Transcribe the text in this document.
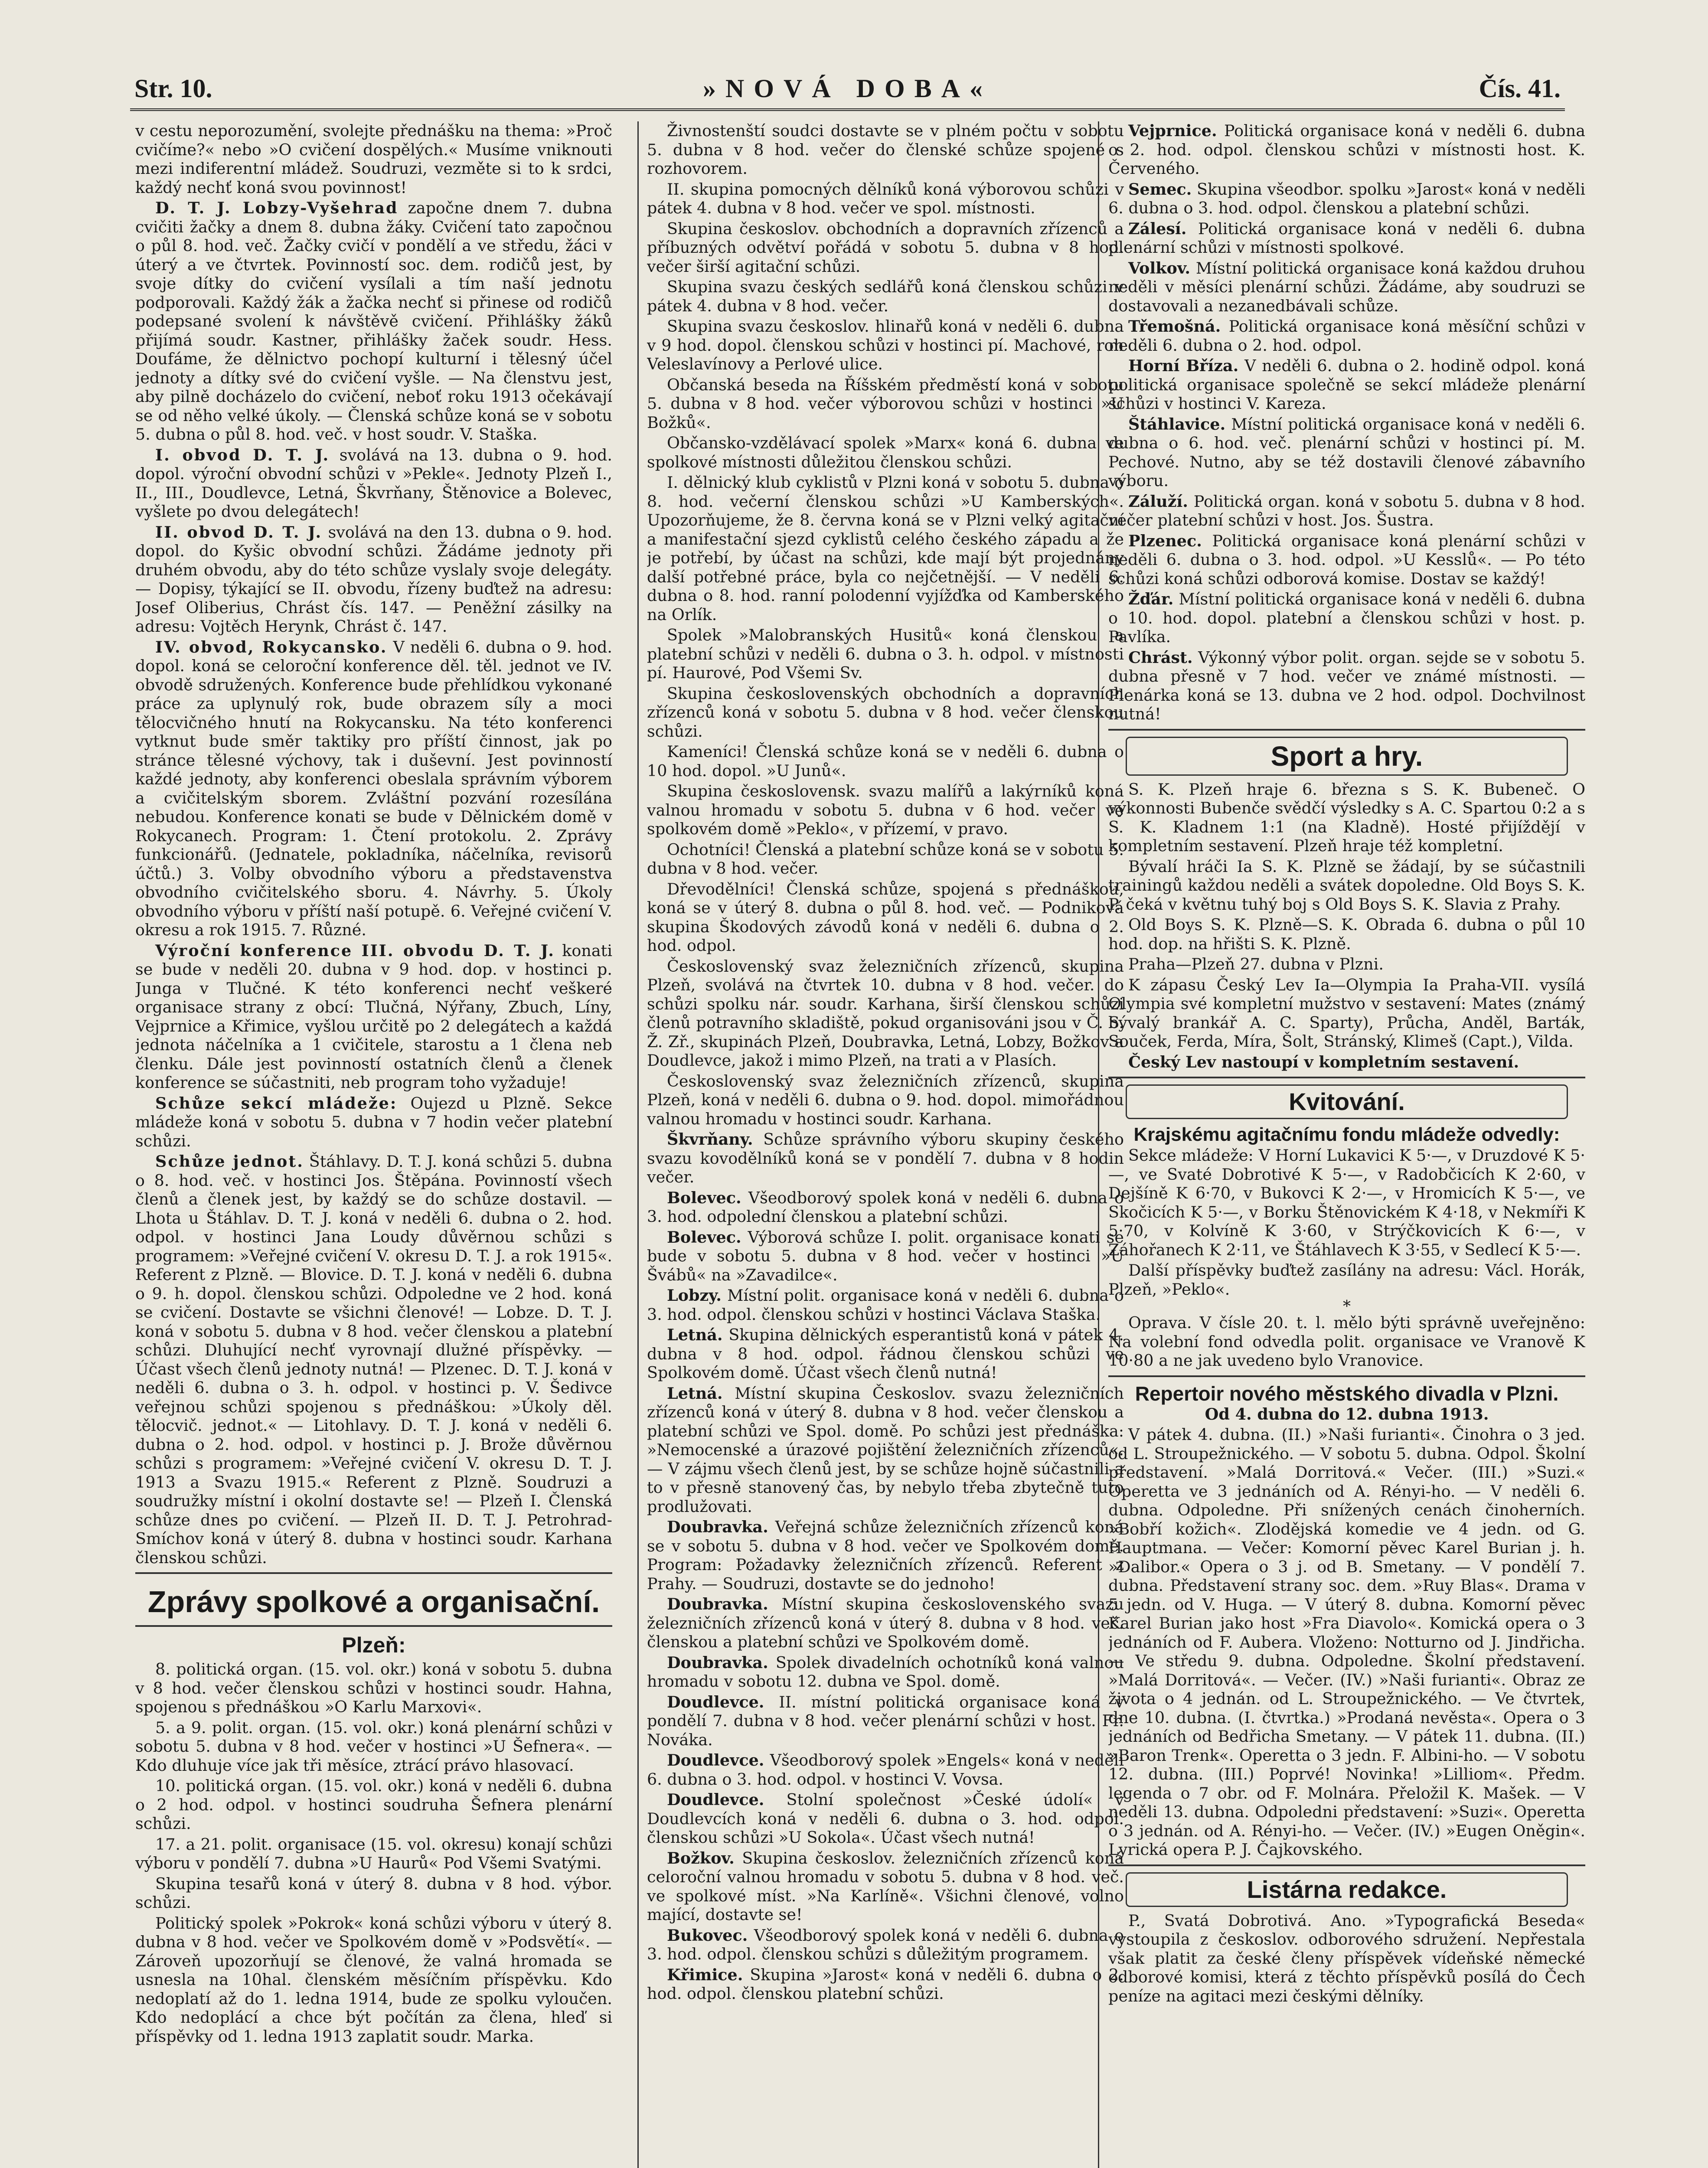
Str. 10.	»NOVÁ DOBA«	Čís. 41.

v cestu neporozumění, svolejte přednášku na thema: »Proč cvičíme?« nebo »O cvičení dospělých.« Musíme vniknouti mezi indiferentní mládež. Soudruzi, vezměte si to k srdci, každý nechť koná svou povinnost!

D. T. J. Lobzy-Vyšehrad započne dnem 7. dubna cvičiti žačky a dnem 8. dubna žáky. Cvičení tato započnou o půl 8. hod. več. Žačky cvičí v pondělí a ve středu, žáci v úterý a ve čtvrtek. Povinností soc. dem. rodičů jest, by svoje dítky do cvičení vysílali a tím naší jednotu podporovali. Každý žák a žačka nechť si přinese od rodičů podepsané svolení k návštěvě cvičení. Přihlášky žáků přijímá soudr. Kastner, přihlášky žaček soudr. Hess. Doufáme, že dělnictvo pochopí kulturní i tělesný účel jednoty a dítky své do cvičení vyšle. — Na členstvu jest, aby pilně docházelo do cvičení, neboť roku 1913 očekávají se od něho velké úkoly. — Členská schůze koná se v sobotu 5. dubna o půl 8. hod. več. v host soudr. V. Staška.

I. obvod D. T. J. svolává na 13. dubna o 9. hod. dopol. výroční obvodní schůzi v »Pekle«. Jednoty Plzeň I., II., III., Doudlevce, Letná, Škvrňany, Štěnovice a Bolevec, vyšlete po dvou delegátech!

II. obvod D. T. J. svolává na den 13. dubna o 9. hod. dopol. do Kyšic obvodní schůzi. Žádáme jednoty při druhém obvodu, aby do této schůze vyslaly svoje delegáty. — Dopisy, týkající se II. obvodu, řízeny buďtež na adresu: Josef Oliberius, Chrást čís. 147. — Peněžní zásilky na adresu: Vojtěch Herynk, Chrást č. 147.

IV. obvod, Rokycansko. V neděli 6. dubna o 9. hod. dopol. koná se celoroční konference děl. těl. jednot ve IV. obvodě sdružených. Konference bude přehlídkou vykonané práce za uplynulý rok, bude obrazem síly a moci tělocvičného hnutí na Rokycansku. Na této konferenci vytknut bude směr taktiky pro příští činnost, jak po stránce tělesné výchovy, tak i duševní. Jest povinností každé jednoty, aby konferenci obeslala správním výborem a cvičitelským sborem. Zvláštní pozvání rozesílána nebudou. Konference konati se bude v Dělnickém domě v Rokycanech. Program: 1. Čtení protokolu. 2. Zprávy funkcionářů. (Jednatele, pokladníka, náčelníka, revisorů účtů.) 3. Volby obvodního výboru a představenstva obvodního cvičitelského sboru. 4. Návrhy. 5. Úkoly obvodního výboru v příští naší potupě. 6. Veřejné cvičení V. okresu a rok 1915. 7. Různé.

Výroční konference III. obvodu D. T. J. konati se bude v neděli 20. dubna v 9 hod. dop. v hostinci p. Junga v Tlučné. K této konferenci nechť veškeré organisace strany z obcí: Tlučná, Nýřany, Zbuch, Líny, Vejprnice a Křimice, vyšlou určitě po 2 delegátech a každá jednota náčelníka a 1 cvičitele, starostu a 1 člena neb členku. Dále jest povinností ostatních členů a členek konference se súčastniti, neb program toho vyžaduje!

Schůze sekcí mládeže: Oujezd u Plzně. Sekce mládeže koná v sobotu 5. dubna v 7 hodin večer platební schůzi.

Schůze jednot. Štáhlavy. D. T. J. koná schůzi 5. dubna o 8. hod. več. v hostinci Jos. Štěpána. Povinností všech členů a členek jest, by každý se do schůze dostavil. — Lhota u Štáhlav. D. T. J. koná v neděli 6. dubna o 2. hod. odpol. v hostinci Jana Loudy důvěrnou schůzi s programem: »Veřejné cvičení V. okresu D. T. J. a rok 1915«. Referent z Plzně. — Blovice. D. T. J. koná v neděli 6. dubna o 9. h. dopol. členskou schůzi. Odpoledne ve 2 hod. koná se cvičení. Dostavte se všichni členové! — Lobze. D. T. J. koná v sobotu 5. dubna v 8 hod. večer členskou a platební schůzi. Dluhující nechť vyrovnají dlužné příspěvky. — Účast všech členů jednoty nutná! — Plzenec. D. T. J. koná v neděli 6. dubna o 3. h. odpol. v hostinci p. V. Šedivce veřejnou schůzi spojenou s přednáškou: »Úkoly děl. tělocvič. jednot.« — Litohlavy. D. T. J. koná v neděli 6. dubna o 2. hod. odpol. v hostinci p. J. Brože důvěrnou schůzi s programem: »Veřejné cvičení V. okresu D. T. J. 1913 a Svazu 1915.« Referent z Plzně. Soudruzi a soudružky místní i okolní dostavte se! — Plzeň I. Členská schůze dnes po cvičení. — Plzeň II. D. T. J. Petrohrad-Smíchov koná v úterý 8. dubna v hostinci soudr. Karhana členskou schůzi.

Zprávy spolkové a organisační.
Plzeň:

8. politická organ. (15. vol. okr.) koná v sobotu 5. dubna v 8 hod. večer členskou schůzi v hostinci soudr. Hahna, spojenou s přednáškou »O Karlu Marxovi«.

5. a 9. polit. organ. (15. vol. okr.) koná plenární schůzi v sobotu 5. dubna v 8 hod. večer v hostinci »U Šefnera«. — Kdo dluhuje více jak tři měsíce, ztrácí právo hlasovací.

10. politická organ. (15. vol. okr.) koná v neděli 6. dubna o 2 hod. odpol. v hostinci soudruha Šefnera plenární schůzi.

17. a 21. polit. organisace (15. vol. okresu) konají schůzi výboru v pondělí 7. dubna »U Haurů« Pod Všemi Svatými.

Skupina tesařů koná v úterý 8. dubna v 8 hod. výbor. schůzi.

Politický spolek »Pokrok« koná schůzi výboru v úterý 8. dubna v 8 hod. večer ve Spolkovém domě v »Podsvětí«. — Zároveň upozorňují se členové, že valná hromada se usnesla na 10hal. členském měsíčním příspěvku. Kdo nedoplatí až do 1. ledna 1914, bude ze spolku vyloučen. Kdo nedoplácí a chce být počítán za člena, hleď si příspěvky od 1. ledna 1913 zaplatit soudr. Marka.

Živnostenští soudci dostavte se v plném počtu v sobotu 5. dubna v 8 hod. večer do členské schůze spojené s rozhovorem.

II. skupina pomocných dělníků koná výborovou schůzi v pátek 4. dubna v 8 hod. večer ve spol. místnosti.

Skupina českoslov. obchodních a dopravních zřízenců a příbuzných odvětví pořádá v sobotu 5. dubna v 8 hod. večer širší agitační schůzi.

Skupina svazu českých sedlářů koná členskou schůzi v pátek 4. dubna v 8 hod. večer.

Skupina svazu českoslov. hlinařů koná v neděli 6. dubna v 9 hod. dopol. členskou schůzi v hostinci pí. Machové, roh Veleslavínovy a Perlové ulice.

Občanská beseda na Říšském předměstí koná v sobotu 5. dubna v 8 hod. večer výborovou schůzi v hostinci »U Božků«.

Občansko-vzdělávací spolek »Marx« koná 6. dubna ve spolkové místnosti důležitou členskou schůzi.

I. dělnický klub cyklistů v Plzni koná v sobotu 5. dubna o 8. hod. večerní členskou schůzi »U Kamberských«. Upozorňujeme, že 8. června koná se v Plzni velký agitační a manifestační sjezd cyklistů celého českého západu a že je potřebí, by účast na schůzi, kde mají být projednány další potřebné práce, byla co nejčetnější. — V neděli 6. dubna o 8. hod. ranní polodenní vyjížďka od Kamberského na Orlík.

Spolek »Malobranských Husitů« koná členskou a platební schůzi v neděli 6. dubna o 3. h. odpol. v místnosti pí. Haurové, Pod Všemi Sv.

Skupina československých obchodních a dopravních zřízenců koná v sobotu 5. dubna v 8 hod. večer členskou schůzi.

Kameníci! Členská schůze koná se v neděli 6. dubna o 10 hod. dopol. »U Junů«.

Skupina československ. svazu malířů a lakýrníků koná valnou hromadu v sobotu 5. dubna v 6 hod. večer ve spolkovém domě »Peklo«, v přízemí, v pravo.

Ochotníci! Členská a platební schůze koná se v sobotu 5. dubna v 8 hod. večer.

Dřevodělníci! Členská schůze, spojená s přednáškou, koná se v úterý 8. dubna o půl 8. hod. več. — Podniková skupina Škodových závodů koná v neděli 6. dubna o 2. hod. odpol.

Československý svaz železničních zřízenců, skupina Plzeň, svolává na čtvrtek 10. dubna v 8 hod. večer. do schůzi spolku nár. soudr. Karhana, širší členskou schůzi členů potravního skladiště, pokud organisováni jsou v Č. S. Ž. Zř., skupinách Plzeň, Doubravka, Letná, Lobzy, Božkov a Doudlevce, jakož i mimo Plzeň, na trati a v Plasích.

Československý svaz železničních zřízenců, skupina Plzeň, koná v neděli 6. dubna o 9. hod. dopol. mimořádnou valnou hromadu v hostinci soudr. Karhana.

Škvrňany. Schůze správního výboru skupiny českého svazu kovodělníků koná se v pondělí 7. dubna v 8 hodin večer.

Bolevec. Všeodborový spolek koná v neděli 6. dubna o 3. hod. odpolední členskou a platební schůzi.

Bolevec. Výborová schůze I. polit. organisace konati se bude v sobotu 5. dubna v 8 hod. večer v hostinci »U Švábů« na »Zavadilce«.

Lobzy. Místní polit. organisace koná v neděli 6. dubna o 3. hod. odpol. členskou schůzi v hostinci Václava Staška.

Letná. Skupina dělnických esperantistů koná v pátek 4. dubna v 8 hod. odpol. řádnou členskou schůzi ve Spolkovém domě. Účast všech členů nutná!

Letná. Místní skupina Českoslov. svazu železničních zřízenců koná v úterý 8. dubna v 8 hod. večer členskou a platební schůzi ve Spol. domě. Po schůzi jest přednáška: »Nemocenské a úrazové pojištění železničních zřízenců«. — V zájmu všech členů jest, by se schůze hojně súčastnili a to v přesně stanovený čas, by nebylo třeba zbytečně tuto prodlužovati.

Doubravka. Veřejná schůze železničních zřízenců koná se v sobotu 5. dubna v 8 hod. večer ve Spolkovém domě. Program: Požadavky železničních zřízenců. Referent z Prahy. — Soudruzi, dostavte se do jednoho!

Doubravka. Místní skupina československého svazu železničních zřízenců koná v úterý 8. dubna v 8 hod. več. členskou a platební schůzi ve Spolkovém domě.

Doubravka. Spolek divadelních ochotníků koná valnou hromadu v sobotu 12. dubna ve Spol. domě.

Doudlevce. II. místní politická organisace koná v pondělí 7. dubna v 8 hod. večer plenární schůzi v host. Fr. Nováka.

Doudlevce. Všeodborový spolek »Engels« koná v neděli 6. dubna o 3. hod. odpol. v hostinci V. Vovsa.

Doudlevce. Stolní společnost »České údolí« v Doudlevcích koná v neděli 6. dubna o 3. hod. odpol. členskou schůzi »U Sokola«. Účast všech nutná!

Božkov. Skupina českoslov. železničních zřízenců koná celoroční valnou hromadu v sobotu 5. dubna v 8 hod. več. ve spolkové míst. »Na Karlíně«. Všichni členové, volno mající, dostavte se!

Bukovec. Všeodborový spolek koná v neděli 6. dubna o 3. hod. odpol. členskou schůzi s důležitým programem.

Křimice. Skupina »Jarost« koná v neděli 6. dubna o 2. hod. odpol. členskou platební schůzi.

Vejprnice. Politická organisace koná v neděli 6. dubna o 2. hod. odpol. členskou schůzi v místnosti host. K. Červeného.

Semec. Skupina všeodbor. spolku »Jarost« koná v neděli 6. dubna o 3. hod. odpol. členskou a platební schůzi.

Zálesí. Politická organisace koná v neděli 6. dubna plenární schůzi v místnosti spolkové.

Volkov. Místní politická organisace koná každou druhou neděli v měsíci plenární schůzi. Žádáme, aby soudruzi se dostavovali a nezanedbávali schůze.

Třemošná. Politická organisace koná měsíční schůzi v neděli 6. dubna o 2. hod. odpol.

Horní Bříza. V neděli 6. dubna o 2. hodině odpol. koná politická organisace společně se sekcí mládeže plenární schůzi v hostinci V. Kareza.

Štáhlavice. Místní politická organisace koná v neděli 6. dubna o 6. hod. več. plenární schůzi v hostinci pí. M. Pechové. Nutno, aby se též dostavili členové zábavního výboru.

Záluží. Politická organ. koná v sobotu 5. dubna v 8 hod. večer platební schůzi v host. Jos. Šustra.

Plzenec. Politická organisace koná plenární schůzi v neděli 6. dubna o 3. hod. odpol. »U Kesslů«. — Po této schůzi koná schůzi odborová komise. Dostav se každý!

Žďár. Místní politická organisace koná v neděli 6. dubna o 10. hod. dopol. platební a členskou schůzi v host. p. Pavlíka.

Chrást. Výkonný výbor polit. organ. sejde se v sobotu 5. dubna přesně v 7 hod. večer ve známé místnosti. — Plenárka koná se 13. dubna ve 2 hod. odpol. Dochvilnost nutná!

Sport a hry.

S. K. Plzeň hraje 6. března s S. K. Bubeneč. O výkonnosti Bubenče svědčí výsledky s A. C. Spartou 0:2 a s S. K. Kladnem 1:1 (na Kladně). Hosté přijíždějí v kompletním sestavení. Plzeň hraje též kompletní.

Bývalí hráči Ia S. K. Plzně se žádají, by se súčastnili trainingů každou neděli a svátek dopoledne. Old Boys S. K. P. čeká v květnu tuhý boj s Old Boys S. K. Slavia z Prahy.

Old Boys S. K. Plzně—S. K. Obrada 6. dubna o půl 10 hod. dop. na hřišti S. K. Plzně.

Praha—Plzeň 27. dubna v Plzni.

K zápasu Český Lev Ia—Olympia Ia Praha-VII. vysílá Olympia své kompletní mužstvo v sestavení: Mates (známý bývalý brankář A. C. Sparty), Průcha, Anděl, Barták, Souček, Ferda, Míra, Šolt, Stránský, Klimeš (Capt.), Vilda.

Český Lev nastoupí v kompletním sestavení.

Kvitování.
Krajskému agitačnímu fondu mládeže odvedly:

Sekce mládeže: V Horní Lukavici K 5·—, v Druzdové K 5·—, ve Svaté Dobrotivé K 5·—, v Radobčicích K 2·60, v Dejšíně K 6·70, v Bukovci K 2·—, v Hromicích K 5·—, ve Skočicích K 5·—, v Borku Štěnovickém K 4·18, v Nekmíři K 5·70, v Kolvíně K 3·60, v Strýčkovicích K 6·—, v Záhořanech K 2·11, ve Štáhlavech K 3·55, v Sedlecí K 5·—.

Další příspěvky buďtež zasílány na adresu: Václ. Horák, Plzeň, »Peklo«.

*

Oprava. V čísle 20. t. l. mělo býti správně uveřejněno: Na volební fond odvedla polit. organisace ve Vranově K 10·80 a ne jak uvedeno bylo Vranovice.

Repertoir nového městského divadla v Plzni.

Od 4. dubna do 12. dubna 1913.

V pátek 4. dubna. (II.) »Naši furianti«. Činohra o 3 jed. od L. Stroupežnického. — V sobotu 5. dubna. Odpol. Školní představení. »Malá Dorritová.« Večer. (III.) »Suzi.« Operetta ve 3 jednáních od A. Rényi-ho. — V neděli 6. dubna. Odpoledne. Při snížených cenách činoherních. »Bobří kožich«. Zlodějská komedie ve 4 jedn. od G. Hauptmana. — Večer: Komorní pěvec Karel Burian j. h. »Dalibor.« Opera o 3 j. od B. Smetany. — V pondělí 7. dubna. Představení strany soc. dem. »Ruy Blas«. Drama v 5 jedn. od V. Huga. — V úterý 8. dubna. Komorní pěvec Karel Burian jako host »Fra Diavolo«. Komická opera o 3 jednáních od F. Aubera. Vloženo: Notturno od J. Jindřicha. — Ve středu 9. dubna. Odpoledne. Školní představení. »Malá Dorritová«. — Večer. (IV.) »Naši furianti«. Obraz ze života o 4 jednán. od L. Stroupežnického. — Ve čtvrtek, dne 10. dubna. (I. čtvrtka.) »Prodaná nevěsta«. Opera o 3 jednáních od Bedřicha Smetany. — V pátek 11. dubna. (II.) »Baron Trenk«. Operetta o 3 jedn. F. Albini-ho. — V sobotu 12. dubna. (III.) Poprvé! Novinka! »Lilliom«. Předm. legenda o 7 obr. od F. Molnára. Přeložil K. Mašek. — V neděli 13. dubna. Odpoledni představení: »Suzi«. Operetta o 3 jednán. od A. Rényi-ho. — Večer. (IV.) »Eugen Oněgin«. Lyrická opera P. J. Čajkovského.

Listárna redakce.

P., Svatá Dobrotivá. Ano. »Typografická Beseda« vystoupila z českoslov. odborového sdružení. Nepřestala však platit za české členy příspěvek vídeňské německé odborové komisi, která z těchto příspěvků posílá do Čech peníze na agitaci mezi českými dělníky.
